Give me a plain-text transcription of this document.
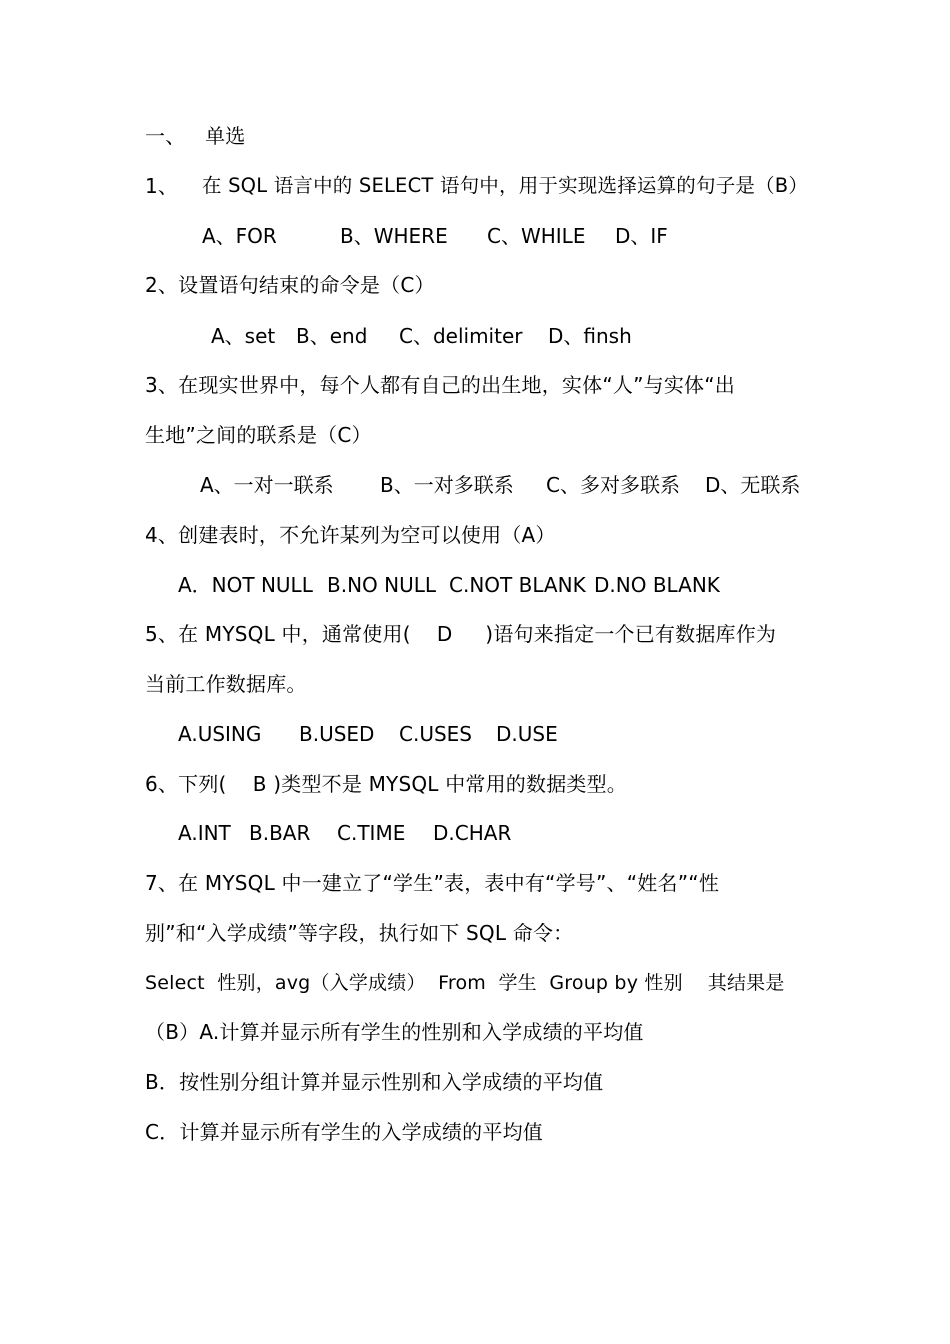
一、   单选
1、 在 SQL 语言中的 SELECT 语句中，用于实现选择运算的句子是（B）
A、FOR	B、WHERE C、WHILE D、IF
2、设置语句结束的命令是（C）
A、set B、end C、delimiter D、finsh
3、在现实世界中，每个人都有自己的出生地，实体“人”与实体“出
生地”之间的联系是（C）
A、一对一联系 B、一对多联系 C、多对多联系 D、无联系
4、创建表时，不允许某列为空可以使用（A）
A．NOT NULL B.NO NULL C.NOT BLANK D.NO BLANK
5、在 MYSQL 中，通常使用(    D     )语句来指定一个已有数据库作为
当前工作数据库。
A.USING B.USED C.USES D.USE
6、下列(    B )类型不是 MYSQL 中常用的数据类型。
A.INT B.BAR C.TIME D.CHAR
7、在 MYSQL 中一建立了“学生”表，表中有“学号”、“姓名”“性
别”和“入学成绩”等字段，执行如下 SQL 命令：
Select  性别，avg（入学成绩）  From  学生  Group by 性别    其结果是
（B）A.计算并显示所有学生的性别和入学成绩的平均值
B．按性别分组计算并显示性别和入学成绩的平均值
C．计算并显示所有学生的入学成绩的平均值
